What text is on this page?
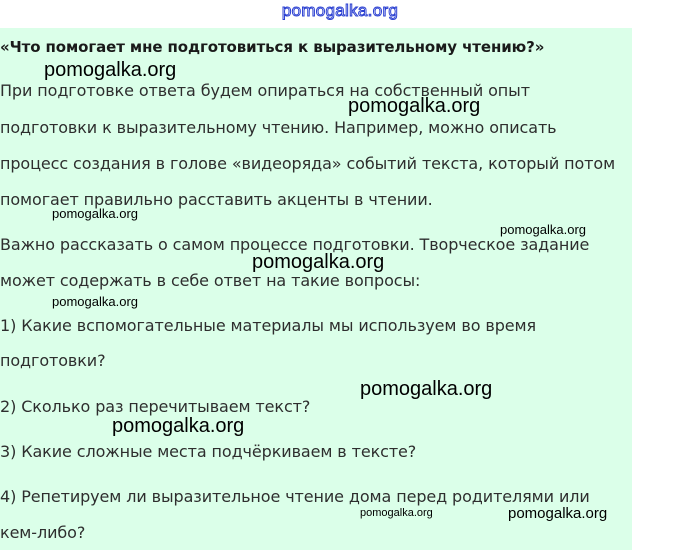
pomogalka.org
«Что помогает мне подготовиться к выразительному чтению?»
При подготовке ответа будем опираться на собственный опыт
подготовки к выразительному чтению. Например, можно описать
процесс создания в голове «видеоряда» событий текста, который потом
помогает правильно расставить акценты в чтении.
Важно рассказать о самом процессе подготовки. Творческое задание
может содержать в себе ответ на такие вопросы:
1) Какие вспомогательные материалы мы используем во время
подготовки?
2) Сколько раз перечитываем текст?
3) Какие сложные места подчёркиваем в тексте?
4) Репетируем ли выразительное чтение дома перед родителями или
кем-либо?
pomogalka.org
pomogalka.org
pomogalka.org
pomogalka.org
pomogalka.org
pomogalka.org
pomogalka.org
pomogalka.org
pomogalka.org	pomogalka.org
